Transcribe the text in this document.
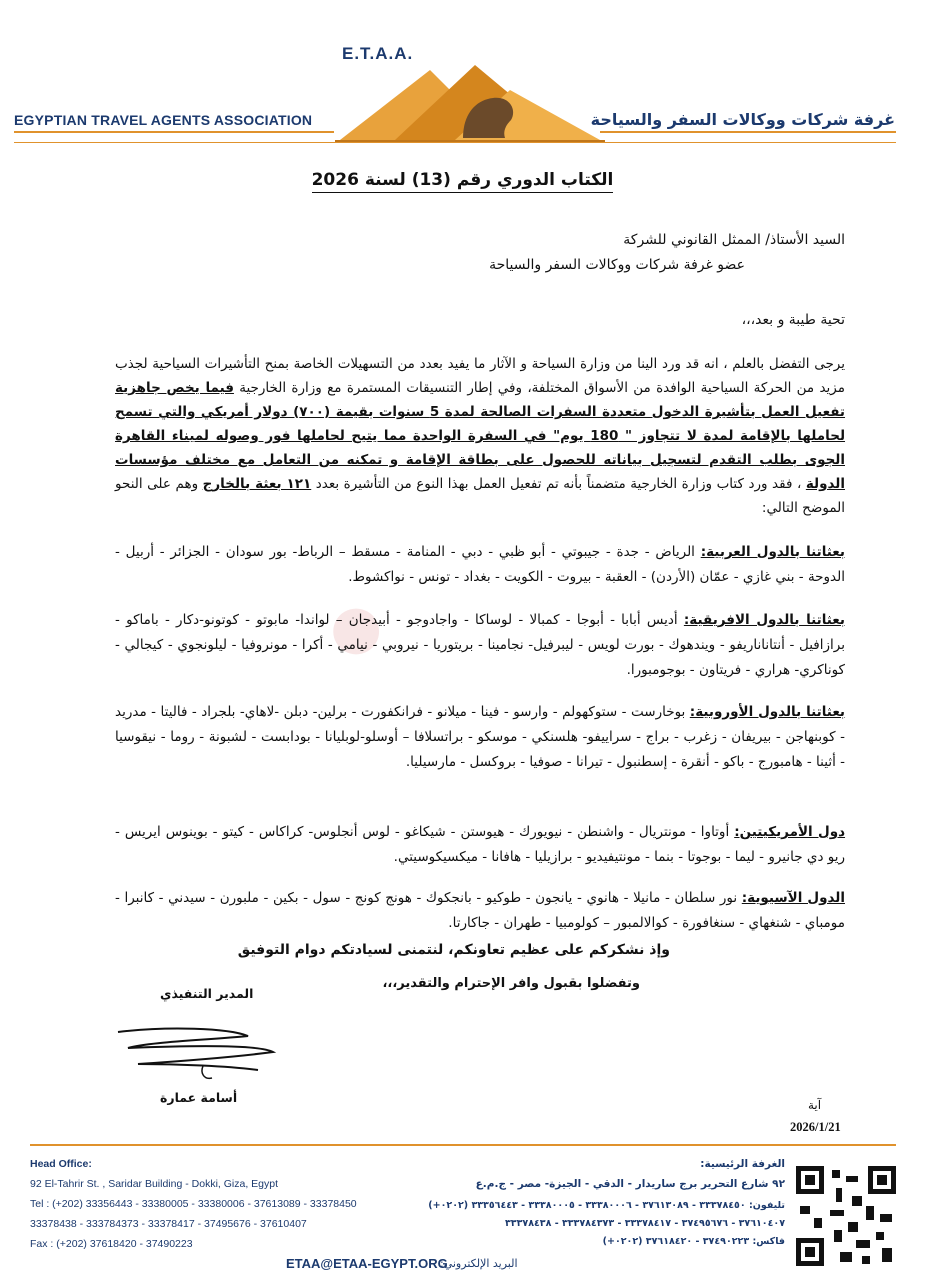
E.T.A.A.
EGYPTIAN TRAVEL AGENTS ASSOCIATION	غرفة شركات ووكالات السفر والسياحة
الكتاب الدوري رقم (13) لسنة 2026
السيد الأستاذ/ الممثل القانوني للشركة
عضو غرفة شركات ووكالات السفر والسياحة
تحية طيبة و بعد،،،
يرجى التفضل بالعلم ، انه قد ورد الينا من وزارة السياحة و الآثار ما يفيد بعدد من التسهيلات الخاصة بمنح التأشيرات السياحية لجذب مزيد من الحركة السياحية الوافدة من الأسواق المختلفة، وفي إطار التنسيقات المستمرة مع وزارة الخارجية فيما يخص جاهزية تفعيل العمل بتأشيرة الدخول متعددة السفرات الصالحة لمدة 5 سنوات بقيمة (٧٠٠) دولار أمريكي والتي تسمح لحاملها بالإقامة لمدة لا تتجاوز " 180 يوم" في السفرة الواحدة مما يتيح لحاملها فور وصوله لميناء القاهرة الجوى بطلب التقدم لتسجيل بياناته للحصول على بطاقة الإقامة و تمكنه من التعامل مع مختلف مؤسسات الدولة ، فقد ورد كتاب وزارة الخارجية متضمناً بأنه تم تفعيل العمل بهذا النوع من التأشيرة بعدد ١٢١ بعثة بالخارج وهم على النحو الموضح التالي:
●
بعثاتنا بالدول العربية: الرياض - جدة - جيبوتي - أبو ظبي - دبي - المنامة - مسقط – الرباط- بور سودان - الجزائر - أربيل - الدوحة - بني غازي - عمّان (الأردن) - العقبة - بيروت - الكويت - بغداد - تونس - نواكشوط.
بعثاتنا بالدول الافريقية: أديس أبابا - أبوجا - كمبالا - لوساكا - واجادوجو - أبيدجان – لواندا- مابوتو - كوتونو-دكار - باماكو - برازافيل - أنتاناناريفو - ويندهوك - بورت لويس - ليبرفيل- نجامينا - بريتوريا - نيروبي - نيامي - أكرا - مونروفيا - ليلونجوي - كيجالي - كوناكري- هراري - فريتاون - بوجومبورا.
بعثاتنا بالدول الأوروبية: بوخارست - ستوكهولم - وارسو - فينا - ميلانو - فرانكفورت - برلين- دبلن -لاهاي- بلجراد - فاليتا - مدريد - كوبنهاجن - بيريفان - زغرب - براج - سراييفو- هلسنكي - موسكو - براتسلافا – أوسلو-لوبليانا - بودابست - لشبونة - روما - نيقوسيا - أثينا - هامبورج - باكو - أنقرة - إسطنبول - تيرانا - صوفيا - بروكسل - مارسيليا.
دول الأمريكيتين: أوتاوا - مونتريال - واشنطن - نيويورك - هيوستن - شيكاغو - لوس أنجلوس- كراكاس - كيتو - بوينوس ايريس - ريو دي جانيرو - ليما - بوجوتا - بنما - مونتيفيديو - برازيليا - هافانا - ميكسيكوسيتي.
الدول الآسيوية: نور سلطان - مانيلا - هانوي - يانجون - طوكيو - بانجكوك - هونج كونج - سول - بكين - ملبورن - سيدني - كانبرا - مومباي - شنغهاي - سنغافورة - كوالالمبور – كولومبيا - طهران - جاكارتا.
وإذ نشكركم على عظيم تعاونكم، لنتمنى لسيادتكم دوام التوفيق
وتفضلوا بقبول وافر الإحترام والتقدير،،،
المدير التنفيذي
أسامة عمارة	آية
2026/1/21
Head Office:
92 El-Tahrir St. , Saridar Building - Dokki, Giza, Egypt
Tel : (+202) 33356443 - 33380005 - 33380006 - 37613089 - 33378450
33378438 - 333784373 - 33378417 - 37495676 - 37610407
Fax : (+202) 37618420 - 37490223
الغرفة الرئيسية:
٩٢ شارع التحرير برج ساريدار - الدقي - الجيزة- مصر - ج.م.ع
تليفون: ٣٣٣٧٨٤٥٠ - ٣٧٦١٣٠٨٩ - ٣٣٣٨٠٠٠٦ - ٣٣٣٨٠٠٠٥ - ٣٣٣٥٦٤٤٣ (٠٢٠٢+)
٣٧٦١٠٤٠٧ - ٣٧٤٩٥٦٧٦ - ٣٣٣٧٨٤١٧ - ٣٣٣٧٨٤٣٧٣ - ٣٣٣٧٨٤٣٨
فاكس: ٣٧٤٩٠٢٢٣ - ٣٧٦١٨٤٢٠ (٠٢٠٢+)
ETAA@ETAA-EGYPT.ORG
البريد الإلكتروني:
